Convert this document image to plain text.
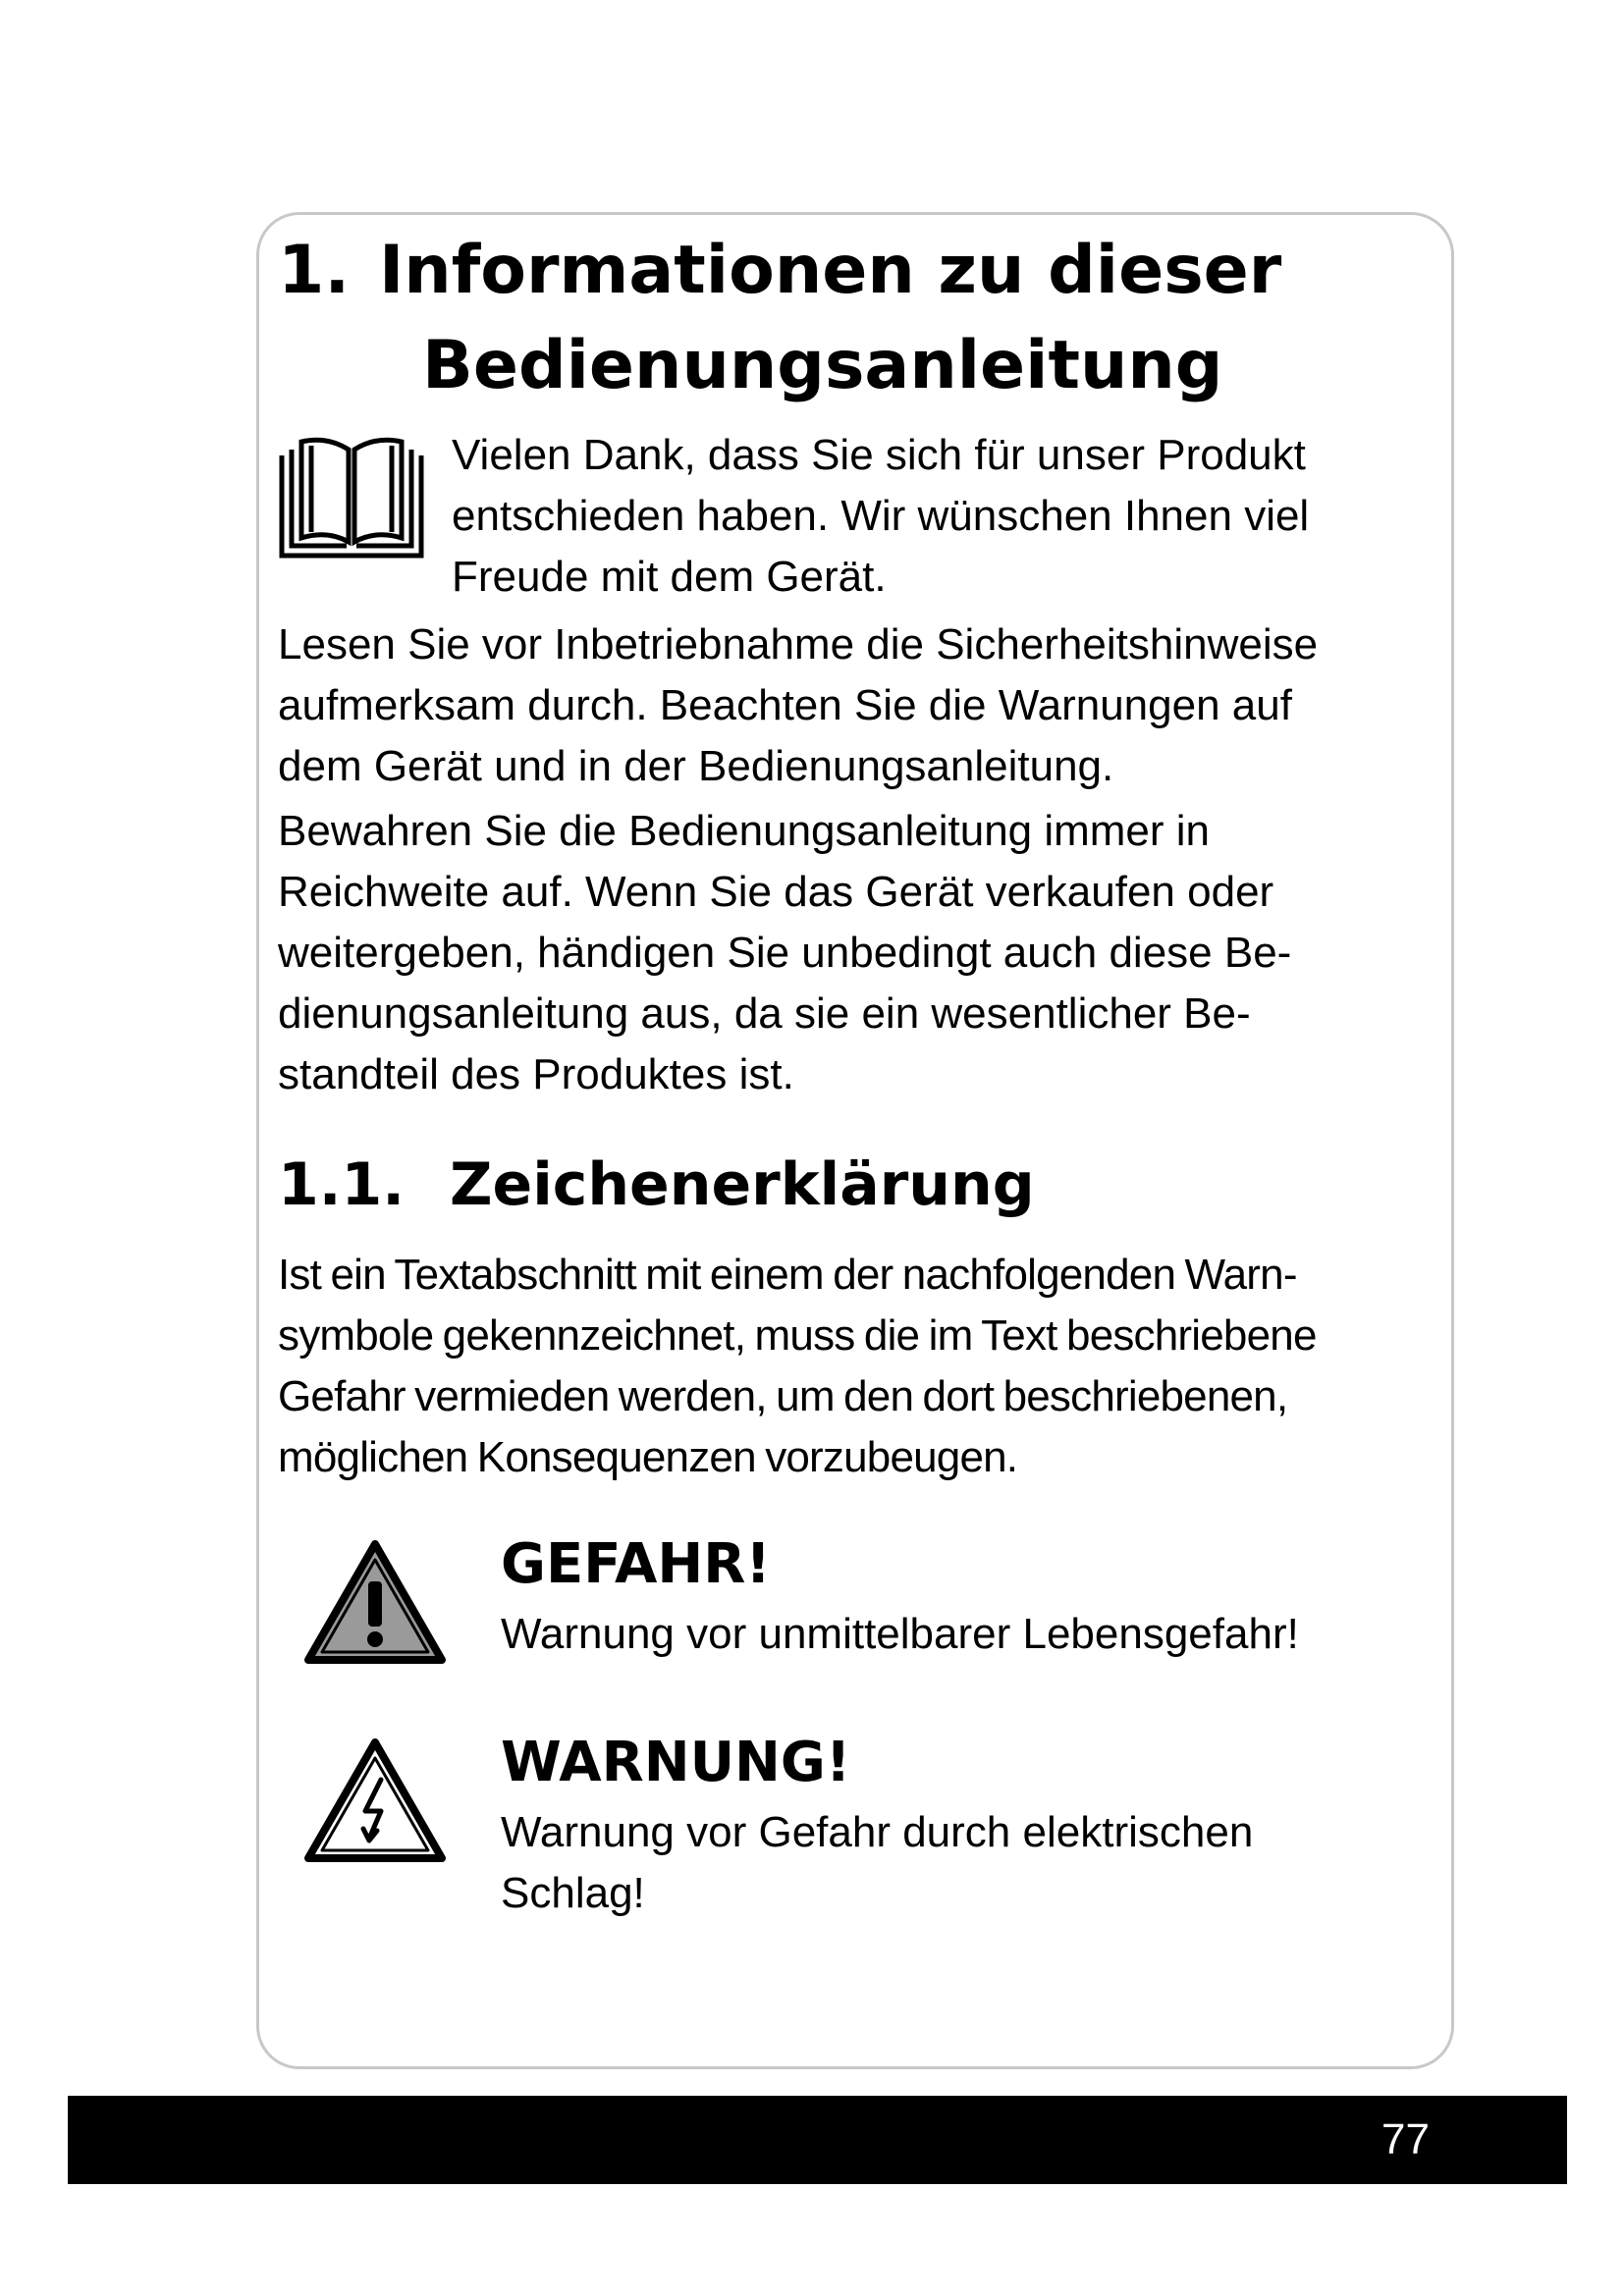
1. Informationen zu dieser
Bedienungsanleitung

Vielen Dank, dass Sie sich für unser Produkt
entschieden haben. Wir wünschen Ihnen viel
Freude mit dem Gerät.

Lesen Sie vor Inbetriebnahme die Sicherheitshinweise
aufmerksam durch. Beachten Sie die Warnungen auf
dem Gerät und in der Bedienungsanleitung.

Bewahren Sie die Bedienungsanleitung immer in
Reichweite auf. Wenn Sie das Gerät verkaufen oder
weitergeben, händigen Sie unbedingt auch diese Be-
dienungsanleitung aus, da sie ein wesentlicher Be-
standteil des Produktes ist.

1.1. Zeichenerklärung

Ist ein Textabschnitt mit einem der nachfolgenden Warn-
symbole gekennzeichnet, muss die im Text beschriebene
Gefahr vermieden werden, um den dort beschriebenen,
möglichen Konsequenzen vorzubeugen.

GEFAHR!

Warnung vor unmittelbarer Lebensgefahr!

WARNUNG!

Warnung vor Gefahr durch elektrischen
Schlag!

77
